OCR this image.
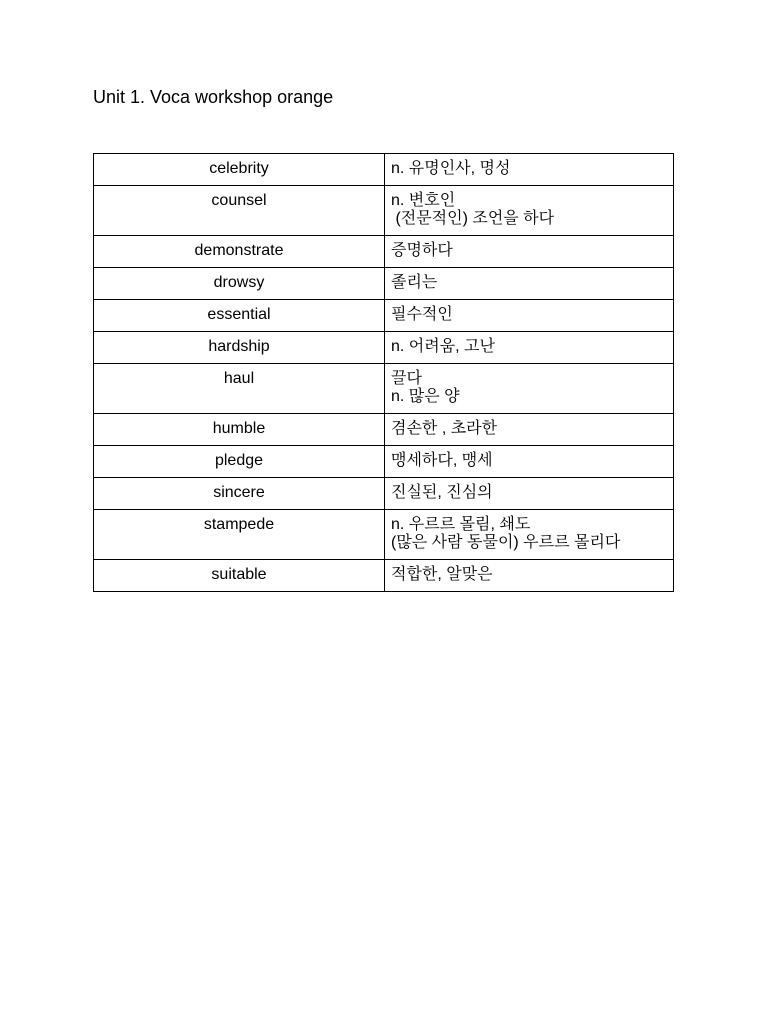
Unit 1. Voca workshop orange
celebrity	n. 유명인사, 명성

counsel	n. 변호인
(전문적인) 조언을 하다

demonstrate	증명하다

drowsy	졸리는

essential	필수적인

hardship	n. 어려움, 고난

haul	끌다
n. 많은 양

humble	겸손한 , 초라한

pledge	맹세하다, 맹세

sincere	진실된, 진심의

stampede	n. 우르르 몰림, 쇄도
(많은 사람 동물이) 우르르 몰리다

suitable	적합한, 알맞은
